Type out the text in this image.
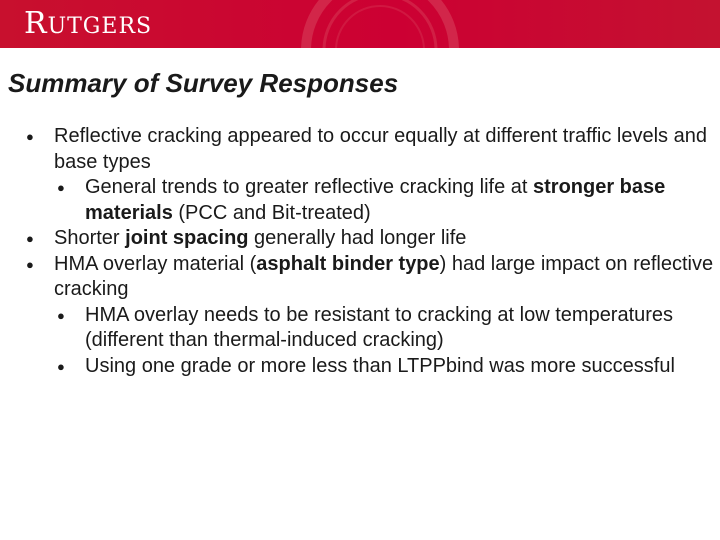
RUTGERS
Summary of Survey Responses
● Reflective cracking appeared to occur equally at different traffic levels and base types
● General trends to greater reflective cracking life at stronger base materials (PCC and Bit-treated)
● Shorter joint spacing generally had longer life
● HMA overlay material (asphalt binder type) had large impact on reflective cracking
● HMA overlay needs to be resistant to cracking at low temperatures (different than thermal-induced cracking)
● Using one grade or more less than LTPPbind was more successful
